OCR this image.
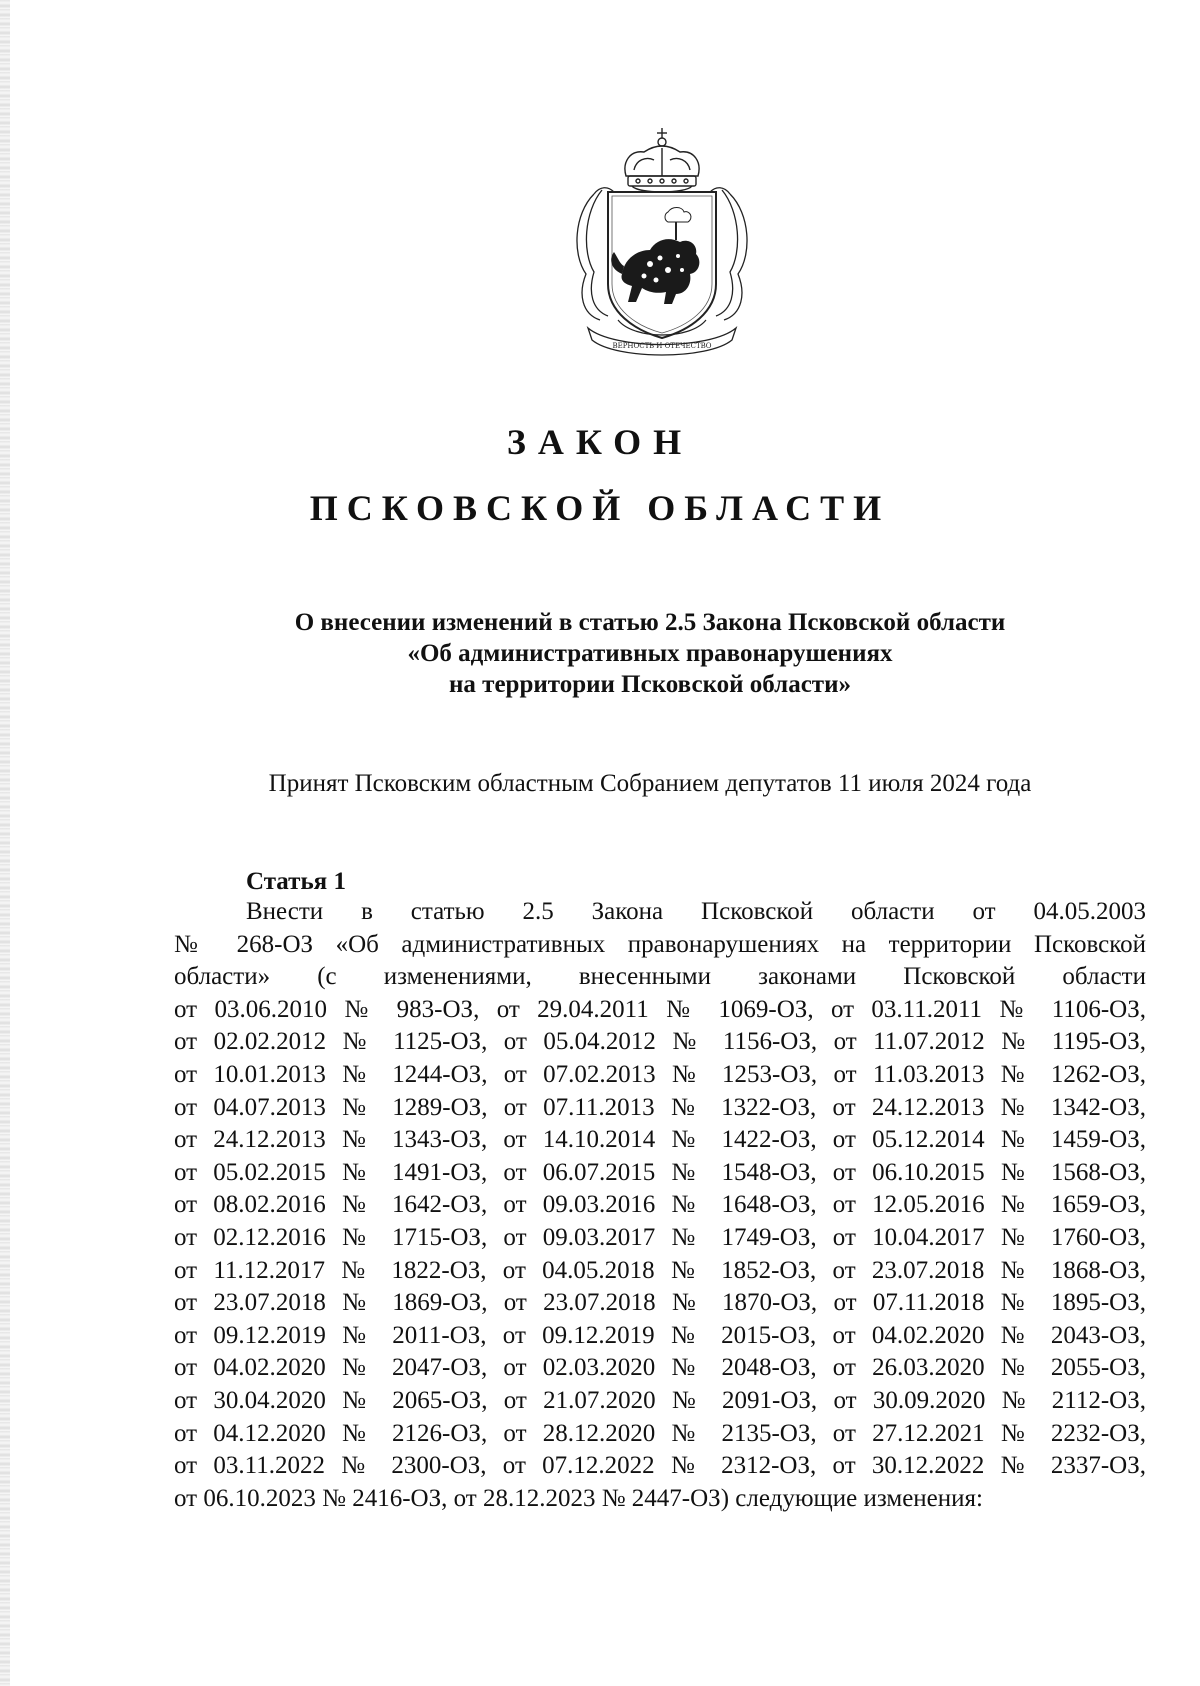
ВЕРНОСТЬ И ОТЕЧЕСТВО
ЗАКОН
ПСКОВСКОЙ ОБЛАСТИ
О внесении изменений в статью 2.5 Закона Псковской области
«Об административных правонарушениях
на территории Псковской области»
Принят Псковским областным Собранием депутатов 11 июля 2024 года
Статья 1
Внести в статью 2.5 Закона Псковской области от 04.05.2003
№ 268-ОЗ «Об административных правонарушениях на территории Псковской
области» (с изменениями, внесенными законами Псковской области
от 03.06.2010 № 983-ОЗ, от 29.04.2011 № 1069-ОЗ, от 03.11.2011 № 1106-ОЗ,
от 02.02.2012 № 1125-ОЗ, от 05.04.2012 № 1156-ОЗ, от 11.07.2012 № 1195-ОЗ,
от 10.01.2013 № 1244-ОЗ, от 07.02.2013 № 1253-ОЗ, от 11.03.2013 № 1262-ОЗ,
от 04.07.2013 № 1289-ОЗ, от 07.11.2013 № 1322-ОЗ, от 24.12.2013 № 1342-ОЗ,
от 24.12.2013 № 1343-ОЗ, от 14.10.2014 № 1422-ОЗ, от 05.12.2014 № 1459-ОЗ,
от 05.02.2015 № 1491-ОЗ, от 06.07.2015 № 1548-ОЗ, от 06.10.2015 № 1568-ОЗ,
от 08.02.2016 № 1642-ОЗ, от 09.03.2016 № 1648-ОЗ, от 12.05.2016 № 1659-ОЗ,
от 02.12.2016 № 1715-ОЗ, от 09.03.2017 № 1749-ОЗ, от 10.04.2017 № 1760-ОЗ,
от 11.12.2017 № 1822-ОЗ, от 04.05.2018 № 1852-ОЗ, от 23.07.2018 № 1868-ОЗ,
от 23.07.2018 № 1869-ОЗ, от 23.07.2018 № 1870-ОЗ, от 07.11.2018 № 1895-ОЗ,
от 09.12.2019 № 2011-ОЗ, от 09.12.2019 № 2015-ОЗ, от 04.02.2020 № 2043-ОЗ,
от 04.02.2020 № 2047-ОЗ, от 02.03.2020 № 2048-ОЗ, от 26.03.2020 № 2055-ОЗ,
от 30.04.2020 № 2065-ОЗ, от 21.07.2020 № 2091-ОЗ, от 30.09.2020 № 2112-ОЗ,
от 04.12.2020 № 2126-ОЗ, от 28.12.2020 № 2135-ОЗ, от 27.12.2021 № 2232-ОЗ,
от 03.11.2022 № 2300-ОЗ, от 07.12.2022 № 2312-ОЗ, от 30.12.2022 № 2337-ОЗ,
от 06.10.2023 № 2416-ОЗ, от 28.12.2023 № 2447-ОЗ) следующие изменения:
